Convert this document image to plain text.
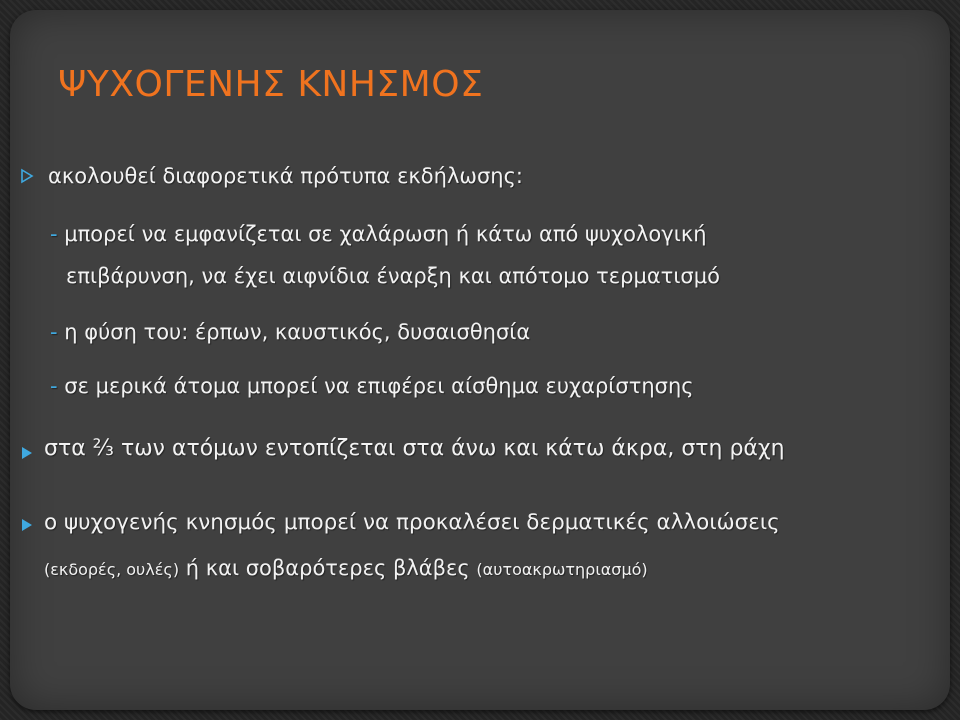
ΨΥΧΟΓΕΝΗΣ ΚΝΗΣΜΟΣ
ακολουθεί διαφορετικά πρότυπα εκδήλωσης:
- μπορεί να εμφανίζεται σε χαλάρωση ή κάτω από ψυχολογική
επιβάρυνση, να έχει αιφνίδια έναρξη και απότομο τερματισμό
- η φύση του: έρπων, καυστικός, δυσαισθησία
- σε μερικά άτομα μπορεί να επιφέρει αίσθημα ευχαρίστησης
στα ⅔ των ατόμων εντοπίζεται στα άνω και κάτω άκρα, στη ράχη
ο ψυχογενής κνησμός μπορεί να προκαλέσει δερματικές αλλοιώσεις
(εκδορές, ουλές) ή και σοβαρότερες βλάβες (αυτοακρωτηριασμό)
